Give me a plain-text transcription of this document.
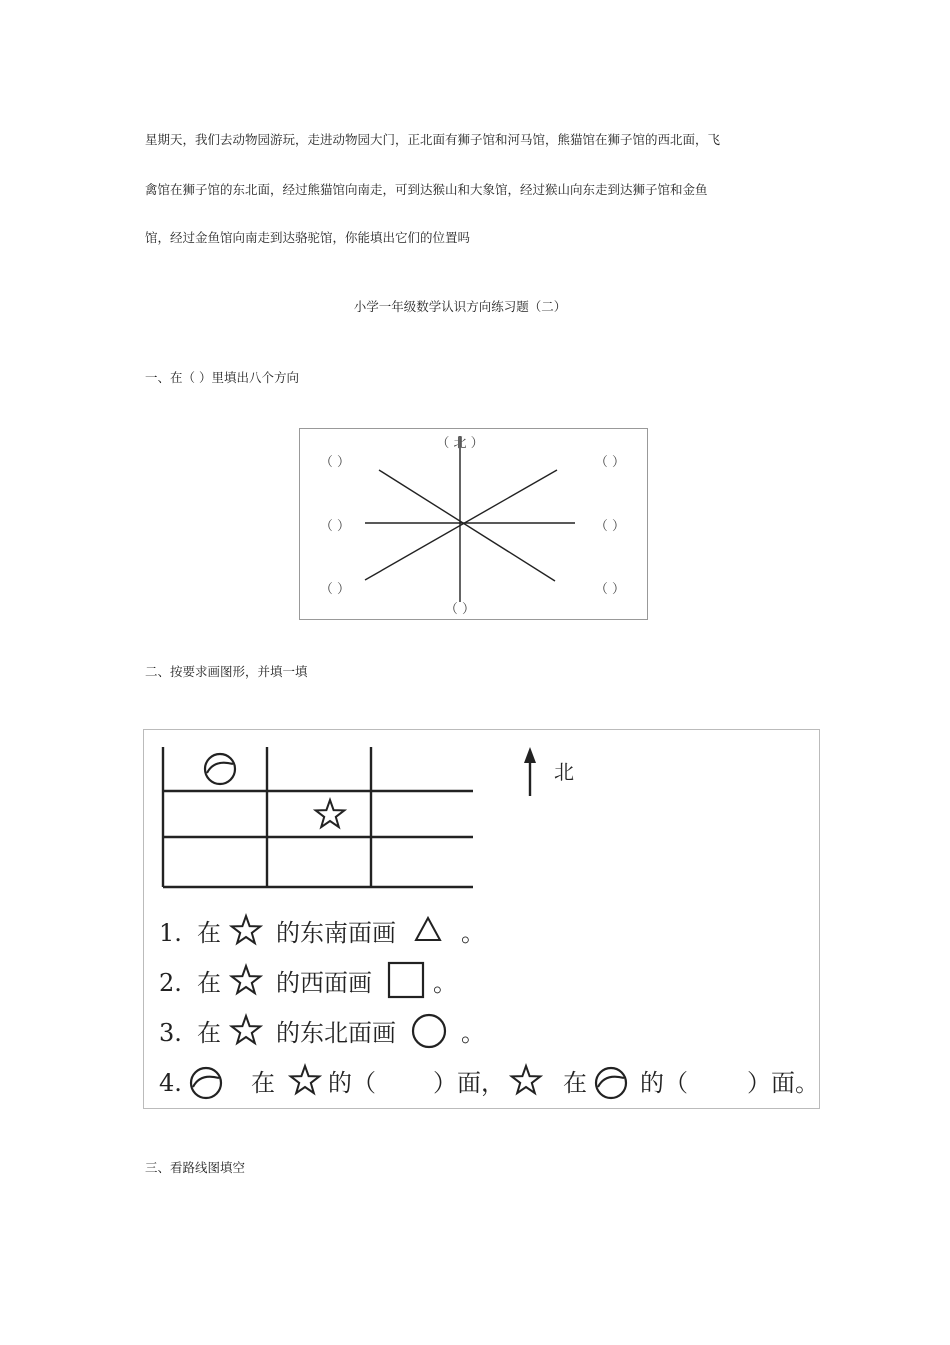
星期天，我们去动物园游玩，走进动物园大门，正北面有狮子馆和河马馆，熊猫馆在狮子馆的西北面，飞
禽馆在狮子馆的东北面，经过熊猫馆向南走，可到达猴山和大象馆，经过猴山向东走到达狮子馆和金鱼
馆，经过金鱼馆向南走到达骆驼馆，你能填出它们的位置吗
小学一年级数学认识方向练习题（二）
一、在（ ）里填出八个方向
（ 北 ）
（ ）	（ ）
（ ）	（ ）
（ ）	（ ）
（ ）
二、按要求画图形，并填一填
北
1. 在 的东南面画	。
2. 在 的西面画	。
3. 在 的东北面画	。
4.	在 的（ ）面， 在 的（ ）面。
三、看路线图填空
